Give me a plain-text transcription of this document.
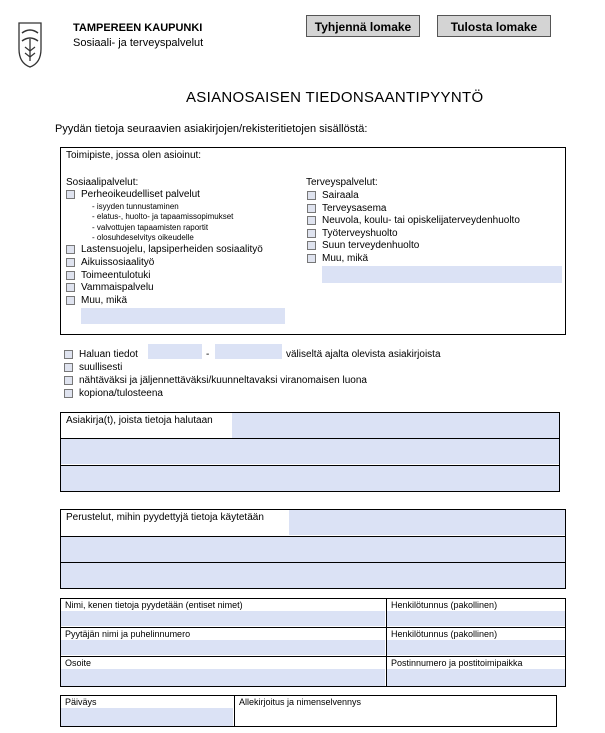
TAMPEREEN KAUPUNKI
Sosiaali- ja terveyspalvelut
Tyhjennä lomake	Tulosta lomake
ASIANOSAISEN TIEDONSAANTIPYYNTÖ
Pyydän tietoja seuraavien asiakirjojen/rekisteritietojen sisällöstä:
Toimipiste, jossa olen asioinut:
Sosiaalipalvelut:
Perheoikeudelliset palvelut
- isyyden tunnustaminen
- elatus-, huolto- ja tapaamissopimukset
- valvottujen tapaamisten raportit
- olosuhdeselvitys oikeudelle
Lastensuojelu, lapsiperheiden sosiaalityö
Aikuissosiaalityö
Toimeentulotuki
Vammaispalvelu
Muu, mikä
Terveyspalvelut:
Sairaala
Terveysasema
Neuvola, koulu- tai opiskelijaterveydenhuolto
Työterveyshuolto
Suun terveydenhuolto
Muu, mikä
Haluan tiedot	-	väliseltä ajalta olevista asiakirjoista
suullisesti
nähtäväksi ja jäljennettäväksi/kuunneltavaksi viranomaisen luona
kopiona/tulosteena
Asiakirja(t), joista tietoja halutaan
Perustelut, mihin pyydettyjä tietoja käytetään
Nimi, kenen tietoja pyydetään (entiset nimet)	Henkilötunnus (pakollinen)
Pyytäjän nimi ja puhelinnumero	Henkilötunnus (pakollinen)
Osoite	Postinnumero ja postitoimipaikka
Päiväys	Allekirjoitus ja nimenselvennys
